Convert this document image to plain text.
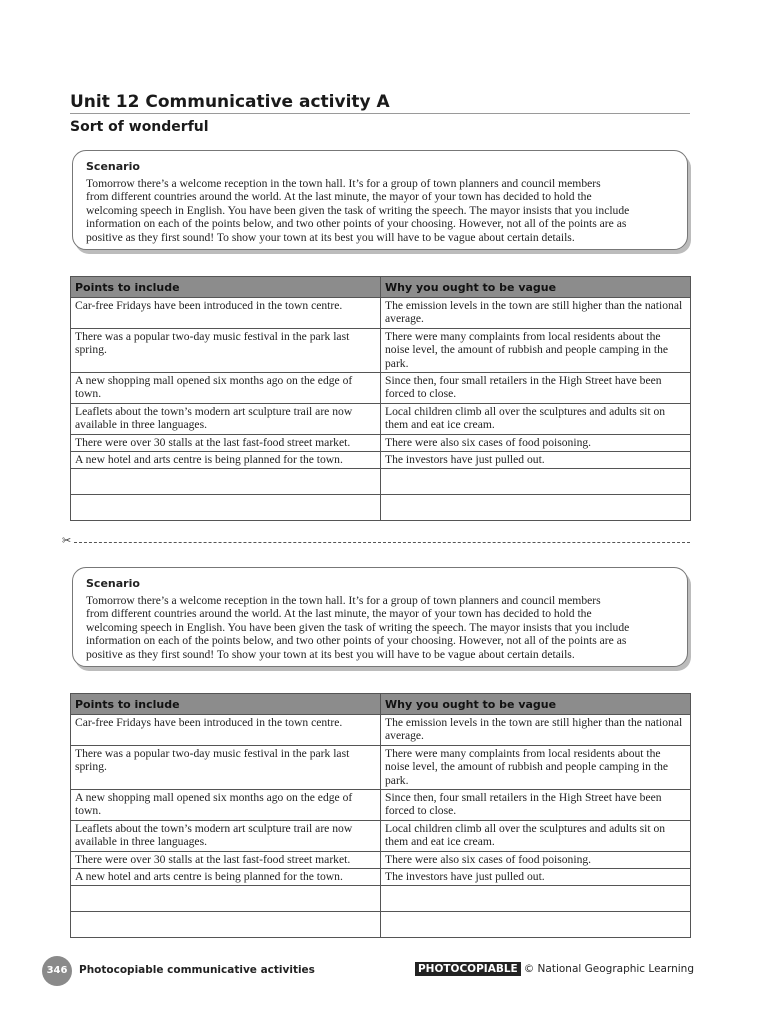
Unit 12 Communicative activity A
Sort of wonderful
Scenario

Tomorrow there’s a welcome reception in the town hall. It’s for a group of town planners and council members
from different countries around the world. At the last minute, the mayor of your town has decided to hold the
welcoming speech in English. You have been given the task of writing the speech. The mayor insists that you include
information on each of the points below, and two other points of your choosing. However, not all of the points are as
positive as they first sound! To show your town at its best you will have to be vague about certain details.

Points to include	Why you ought to be vague
Car-free Fridays have been introduced in the town centre.	The emission levels in the town are still higher than the national average.
There was a popular two-day music festival in the park last spring.	There were many complaints from local residents about the noise level, the amount of rubbish and people camping in the park.
A new shopping mall opened six months ago on the edge of town.	Since then, four small retailers in the High Street have been forced to close.
Leaflets about the town’s modern art sculpture trail are now available in three languages.	Local children climb all over the sculptures and adults sit on them and eat ice cream.
There were over 30 stalls at the last fast-food street market.	There were also six cases of food poisoning.
A new hotel and arts centre is being planned for the town.	The investors have just pulled out.

✂
Scenario

Tomorrow there’s a welcome reception in the town hall. It’s for a group of town planners and council members
from different countries around the world. At the last minute, the mayor of your town has decided to hold the
welcoming speech in English. You have been given the task of writing the speech. The mayor insists that you include
information on each of the points below, and two other points of your choosing. However, not all of the points are as
positive as they first sound! To show your town at its best you will have to be vague about certain details.

Points to include	Why you ought to be vague
Car-free Fridays have been introduced in the town centre.	The emission levels in the town are still higher than the national average.
There was a popular two-day music festival in the park last spring.	There were many complaints from local residents about the noise level, the amount of rubbish and people camping in the park.
A new shopping mall opened six months ago on the edge of town.	Since then, four small retailers in the High Street have been forced to close.
Leaflets about the town’s modern art sculpture trail are now available in three languages.	Local children climb all over the sculptures and adults sit on them and eat ice cream.
There were over 30 stalls at the last fast-food street market.	There were also six cases of food poisoning.
A new hotel and arts centre is being planned for the town.	The investors have just pulled out.

346	Photocopiable communicative activities	PHOTOCOPIABLE © National Geographic Learning
